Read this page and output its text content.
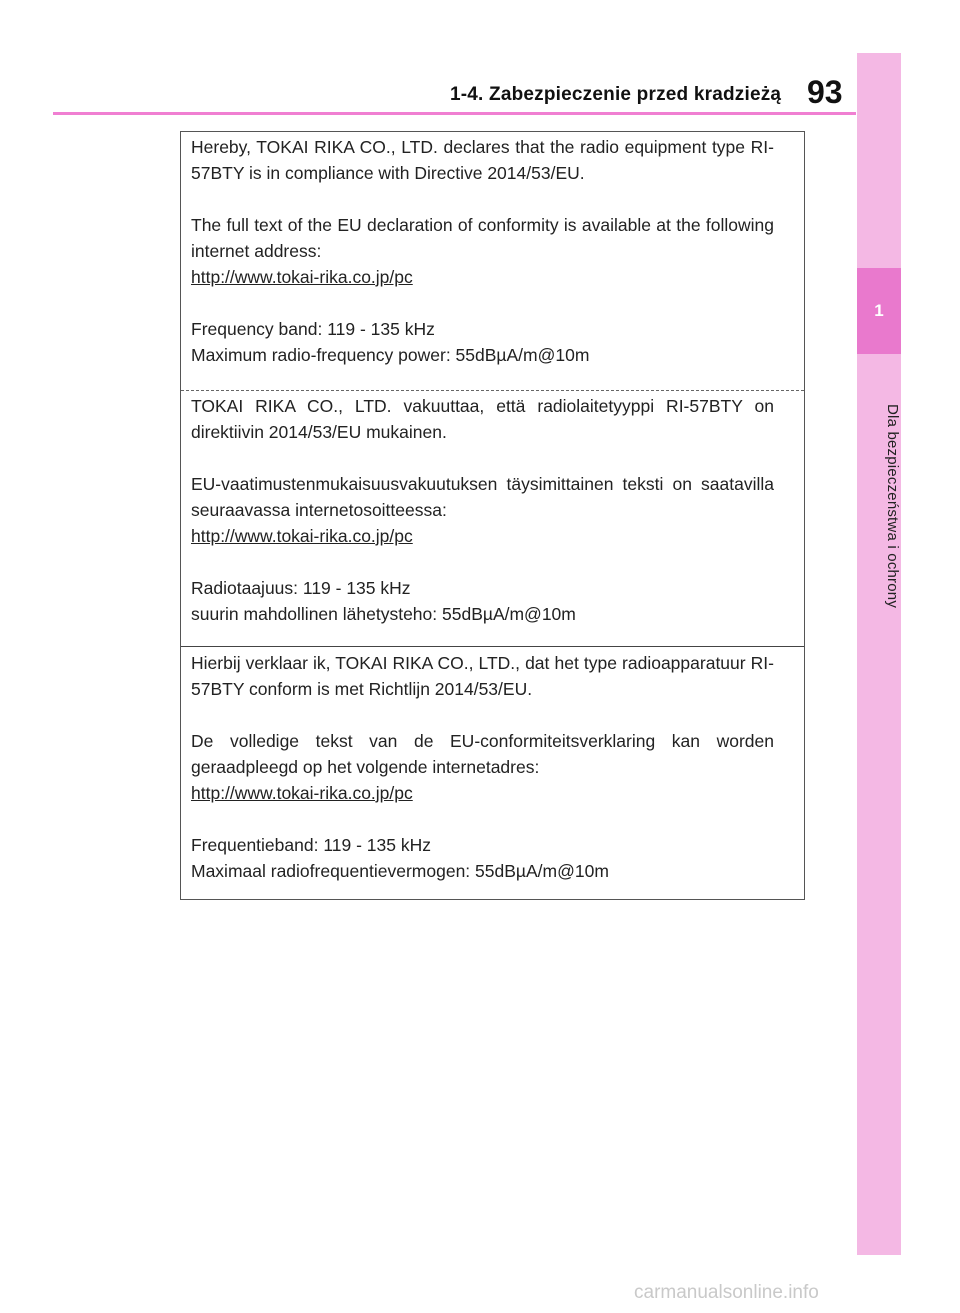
1-4. Zabezpieczenie przed kradzieżą 93
1
Dla bezpieczeństwa i ochrony

Hereby, TOKAI RIKA CO., LTD. declares that the radio equipment type RI-57BTY is in compliance with Directive 2014/53/EU.

The full text of the EU declaration of conformity is available at the following internet address:

http://www.tokai-rika.co.jp/pc

Frequency band: 119 - 135 kHz
Maximum radio-frequency power: 55dBµA/m@10m

TOKAI RIKA CO., LTD. vakuuttaa, että radiolaitetyyppi RI-57BTY on direktiivin 2014/53/EU mukainen.

EU-vaatimustenmukaisuusvakuutuksen täysimittainen teksti on saatavilla seuraavassa internetosoitteessa:

http://www.tokai-rika.co.jp/pc

Radiotaajuus: 119 - 135 kHz
suurin mahdollinen lähetysteho: 55dBµA/m@10m

Hierbij verklaar ik, TOKAI RIKA CO., LTD., dat het type radioapparatuur RI-57BTY conform is met Richtlijn 2014/53/EU.

De volledige tekst van de EU-conformiteitsverklaring kan worden geraadpleegd op het volgende internetadres:

http://www.tokai-rika.co.jp/pc

Frequentieband: 119 - 135 kHz
Maximaal radiofrequentievermogen: 55dBµA/m@10m

carmanualsonline.info
